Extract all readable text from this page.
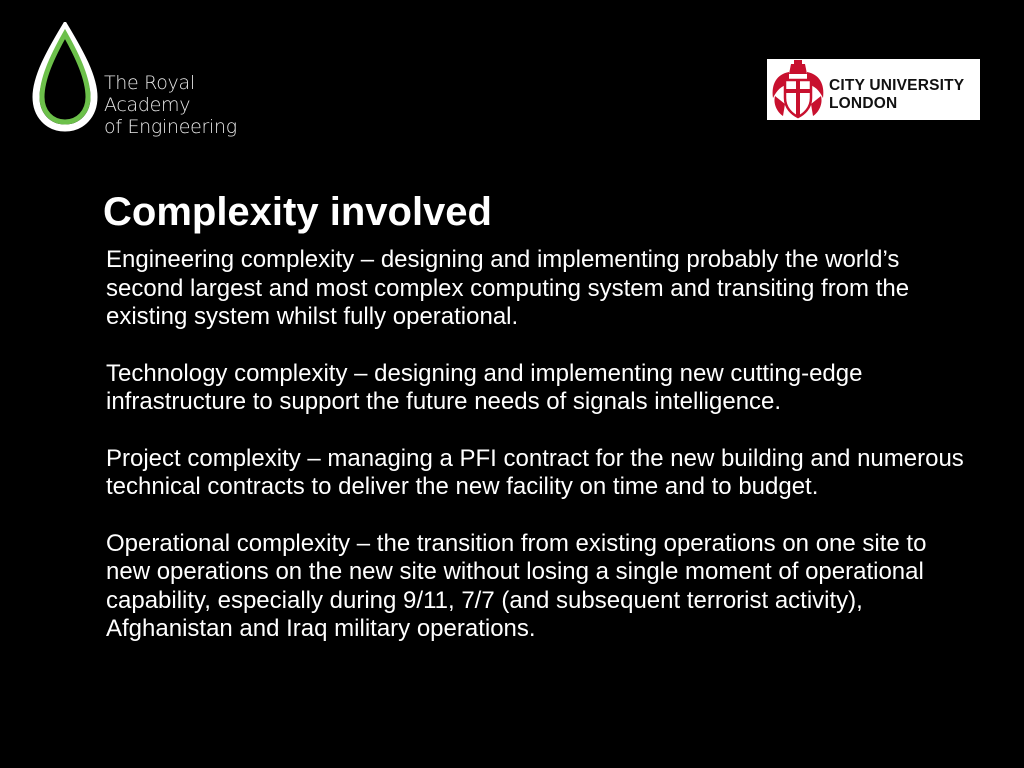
The Royal Academy
of Engineering
CITY UNIVERSITY
LONDON
Complexity involved

Engineering complexity – designing and implementing probably the world’s second largest and most complex computing system and transiting from the existing system whilst fully operational.

Technology complexity – designing and implementing new cutting-edge infrastructure to support the future needs of signals intelligence.

Project complexity – managing a PFI contract for the new building and numerous technical contracts to deliver the new facility on time and to budget.

Operational complexity – the transition from existing operations on one site to new operations on the new site without losing a single moment of operational capability, especially during 9/11, 7/7 (and subsequent terrorist activity), Afghanistan and Iraq military operations.
